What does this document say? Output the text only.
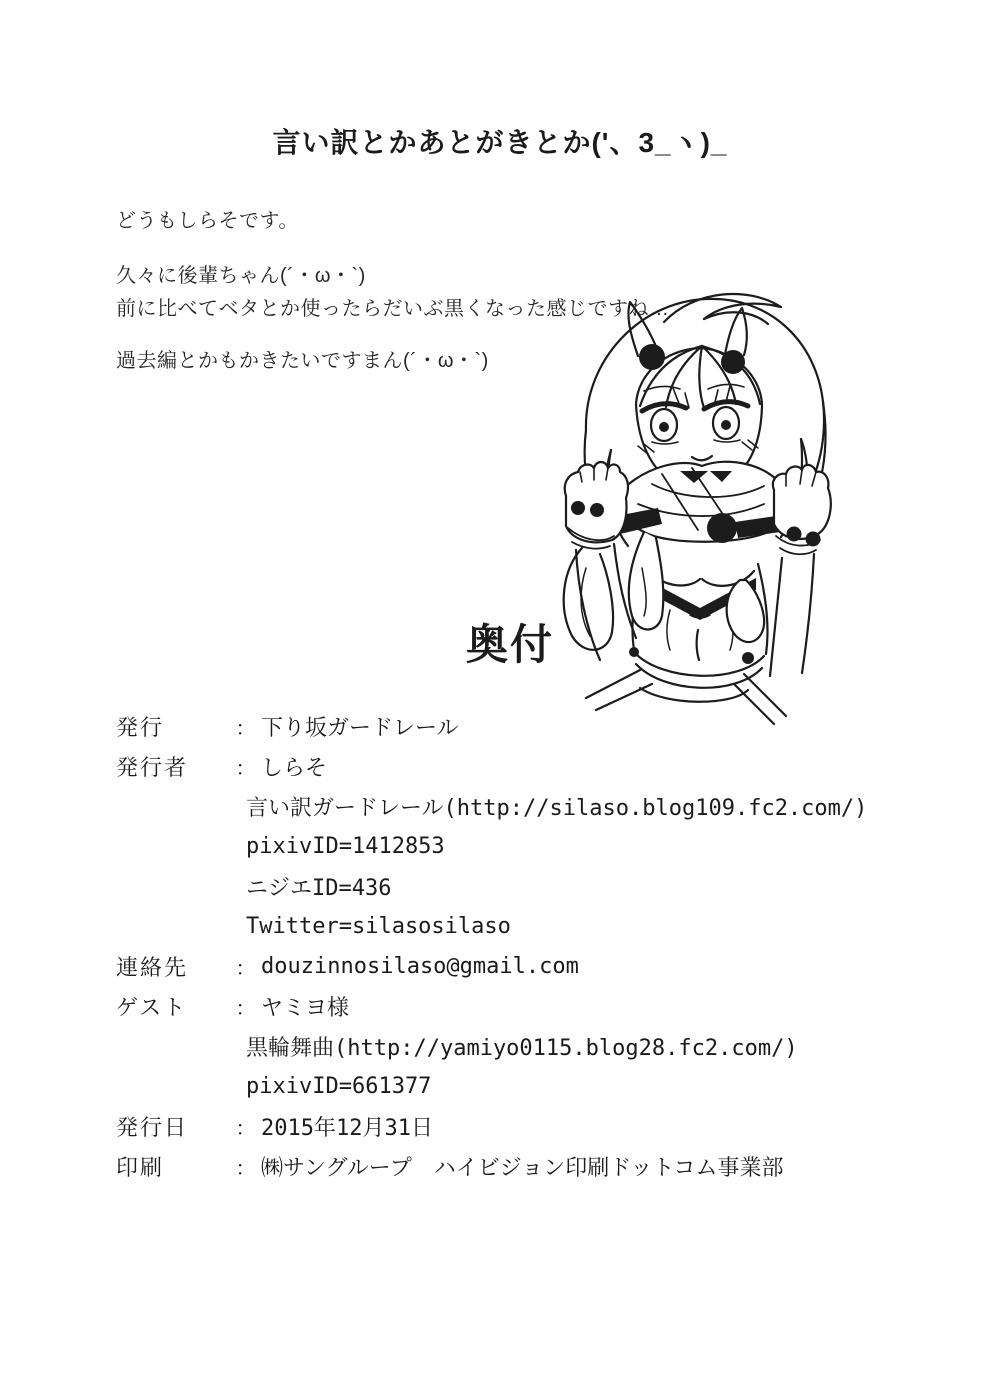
言い訳とかあとがきとか('、3_ヽ)_
どうもしらそです。
久々に後輩ちゃん(´・ω・`)
前に比べてベタとか使ったらだいぶ黒くなった感じですね…
過去編とかもかきたいですまん(´・ω・`)
奥付
発行	： 下り坂ガードレール
発行者	： しらそ
言い訳ガードレール(http://silaso.blog109.fc2.com/)
pixivID=1412853
ニジエID=436
Twitter=silasosilaso
連絡先	： douzinnosilaso@gmail.com
ゲスト	： ヤミヨ様
黒輪舞曲(http://yamiyo0115.blog28.fc2.com/)
pixivID=661377
発行日	： 2015年12月31日
印刷	： ㈱サングループ　ハイビジョン印刷ドットコム事業部
